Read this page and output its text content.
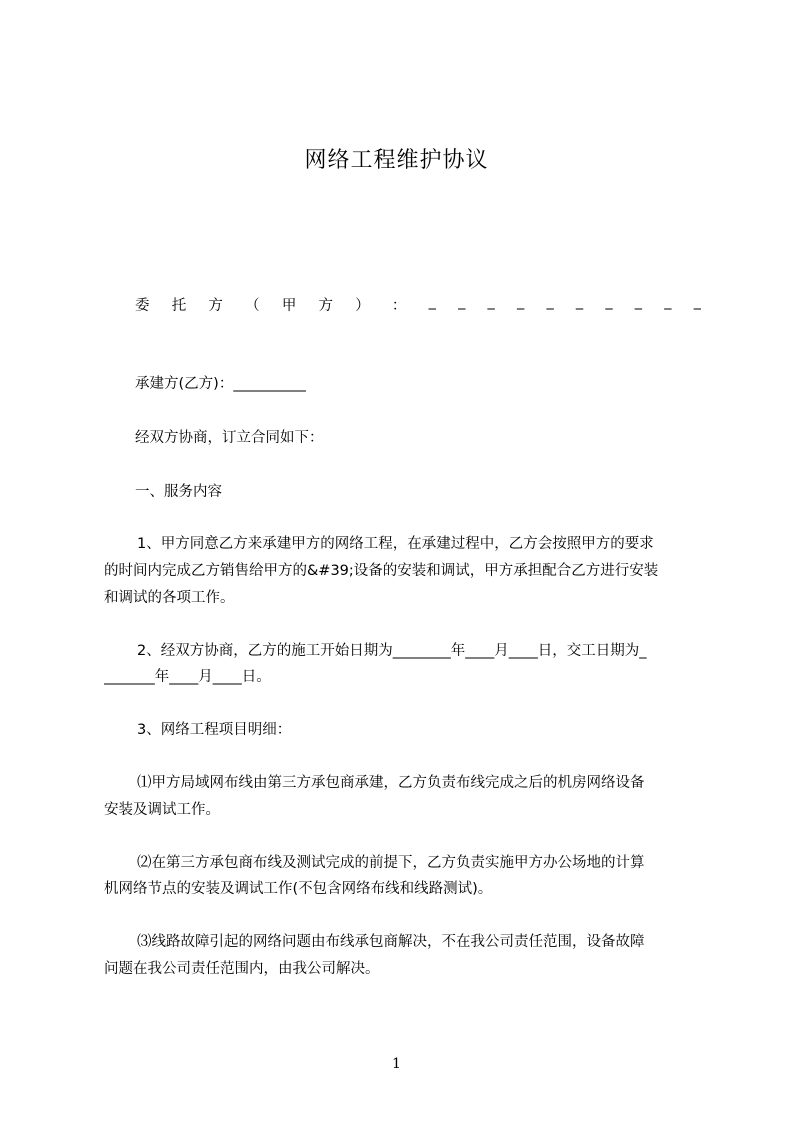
网络工程维护协议
委 托 方 （ 甲 方 ） ： _ _ _ _ _ _ _ _ _ _
承建方(乙方)：__________
经双方协商，订立合同如下：
一、服务内容
1、甲方同意乙方来承建甲方的网络工程，在承建过程中，乙方会按照甲方的要求
的时间内完成乙方销售给甲方的&#39;设备的安装和调试，甲方承担配合乙方进行安装
和调试的各项工作。
2、经双方协商，乙方的施工开始日期为________年____月____日，交工日期为_
_______年____月____日。
3、网络工程项目明细：
⑴甲方局域网布线由第三方承包商承建，乙方负责布线完成之后的机房网络设备
安装及调试工作。
⑵在第三方承包商布线及测试完成的前提下，乙方负责实施甲方办公场地的计算
机网络节点的安装及调试工作(不包含网络布线和线路测试)。
⑶线路故障引起的网络问题由布线承包商解决，不在我公司责任范围，设备故障
问题在我公司责任范围内，由我公司解决。
1
